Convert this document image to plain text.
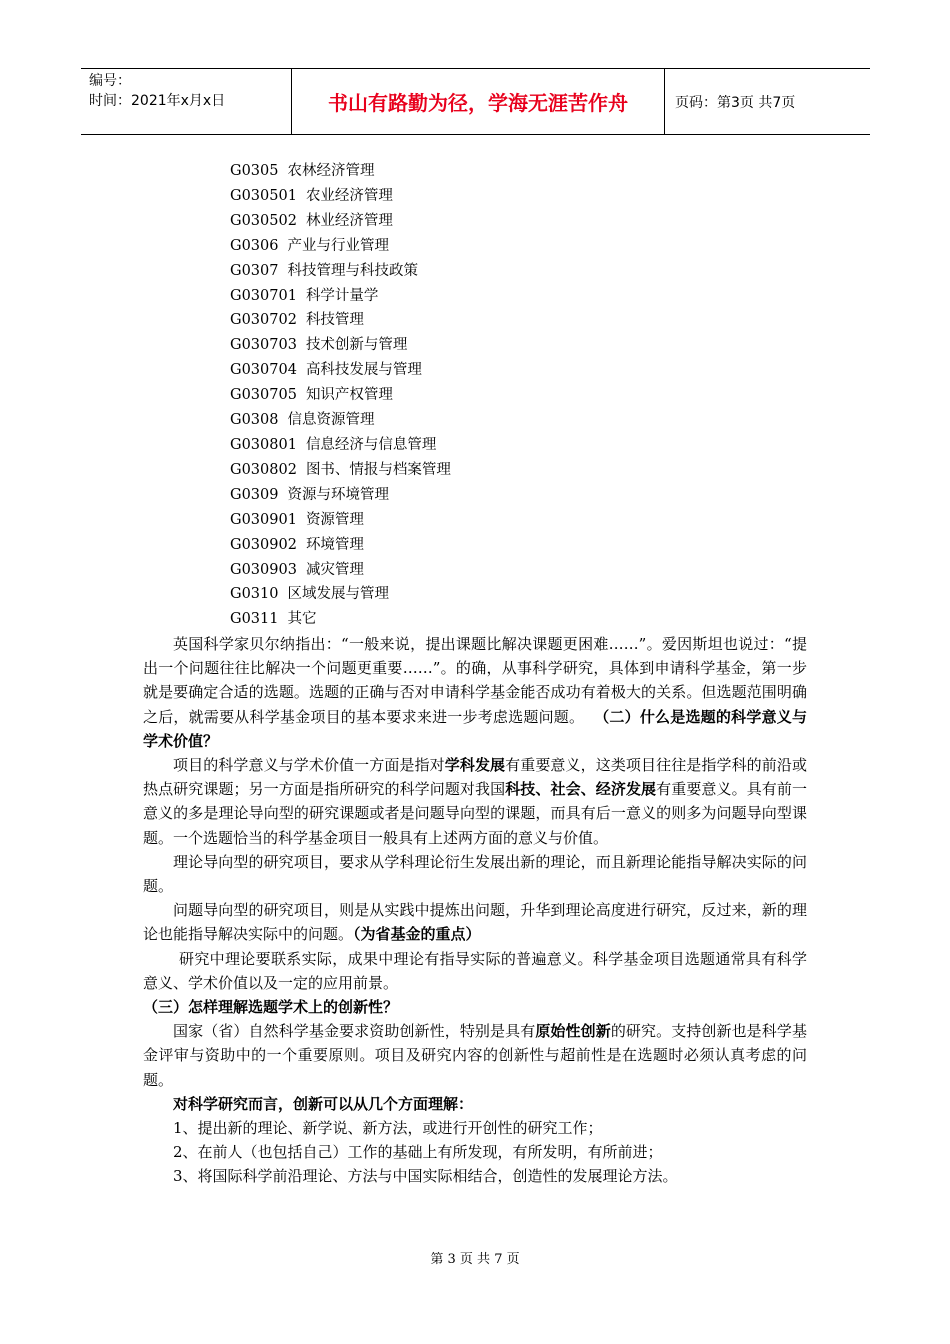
编号：
时间：2021年x月x日	书山有路勤为径，学海无涯苦作舟	页码：第3页 共7页
G0305 农林经济管理
G030501 农业经济管理
G030502 林业经济管理
G0306 产业与行业管理
G0307 科技管理与科技政策
G030701 科学计量学
G030702 科技管理
G030703 技术创新与管理
G030704 高科技发展与管理
G030705 知识产权管理
G0308 信息资源管理
G030801 信息经济与信息管理
G030802 图书、情报与档案管理
G0309 资源与环境管理
G030901 资源管理
G030902 环境管理
G030903 减灾管理
G0310 区域发展与管理
G0311 其它

英国科学家贝尔纳指出：“一般来说，提出课题比解决课题更困难……”。爱因斯坦也说过：“提出一个问题往往比解决一个问题更重要……”。的确，从事科学研究，具体到申请科学基金，第一步就是要确定合适的选题。选题的正确与否对申请科学基金能否成功有着极大的关系。但选题范围明确之后，就需要从科学基金项目的基本要求来进一步考虑选题问题。 （二）什么是选题的科学意义与学术价值？

项目的科学意义与学术价值一方面是指对学科发展有重要意义，这类项目往往是指学科的前沿或热点研究课题；另一方面是指所研究的科学问题对我国科技、社会、经济发展有重要意义。具有前一意义的多是理论导向型的研究课题或者是问题导向型的课题，而具有后一意义的则多为问题导向型课题。一个选题恰当的科学基金项目一般具有上述两方面的意义与价值。

理论导向型的研究项目，要求从学科理论衍生发展出新的理论，而且新理论能指导解决实际的问题。

问题导向型的研究项目，则是从实践中提炼出问题，升华到理论高度进行研究，反过来，新的理论也能指导解决实际中的问题。（为省基金的重点）

研究中理论要联系实际，成果中理论有指导实际的普遍意义。科学基金项目选题通常具有科学意义、学术价值以及一定的应用前景。

（三）怎样理解选题学术上的创新性？

国家（省）自然科学基金要求资助创新性，特别是具有原始性创新的研究。支持创新也是科学基金评审与资助中的一个重要原则。项目及研究内容的创新性与超前性是在选题时必须认真考虑的问题。

对科学研究而言，创新可以从几个方面理解：

1、提出新的理论、新学说、新方法，或进行开创性的研究工作；

2、在前人（也包括自己）工作的基础上有所发现，有所发明，有所前进；

3、将国际科学前沿理论、方法与中国实际相结合，创造性的发展理论方法。

第 3 页 共 7 页
